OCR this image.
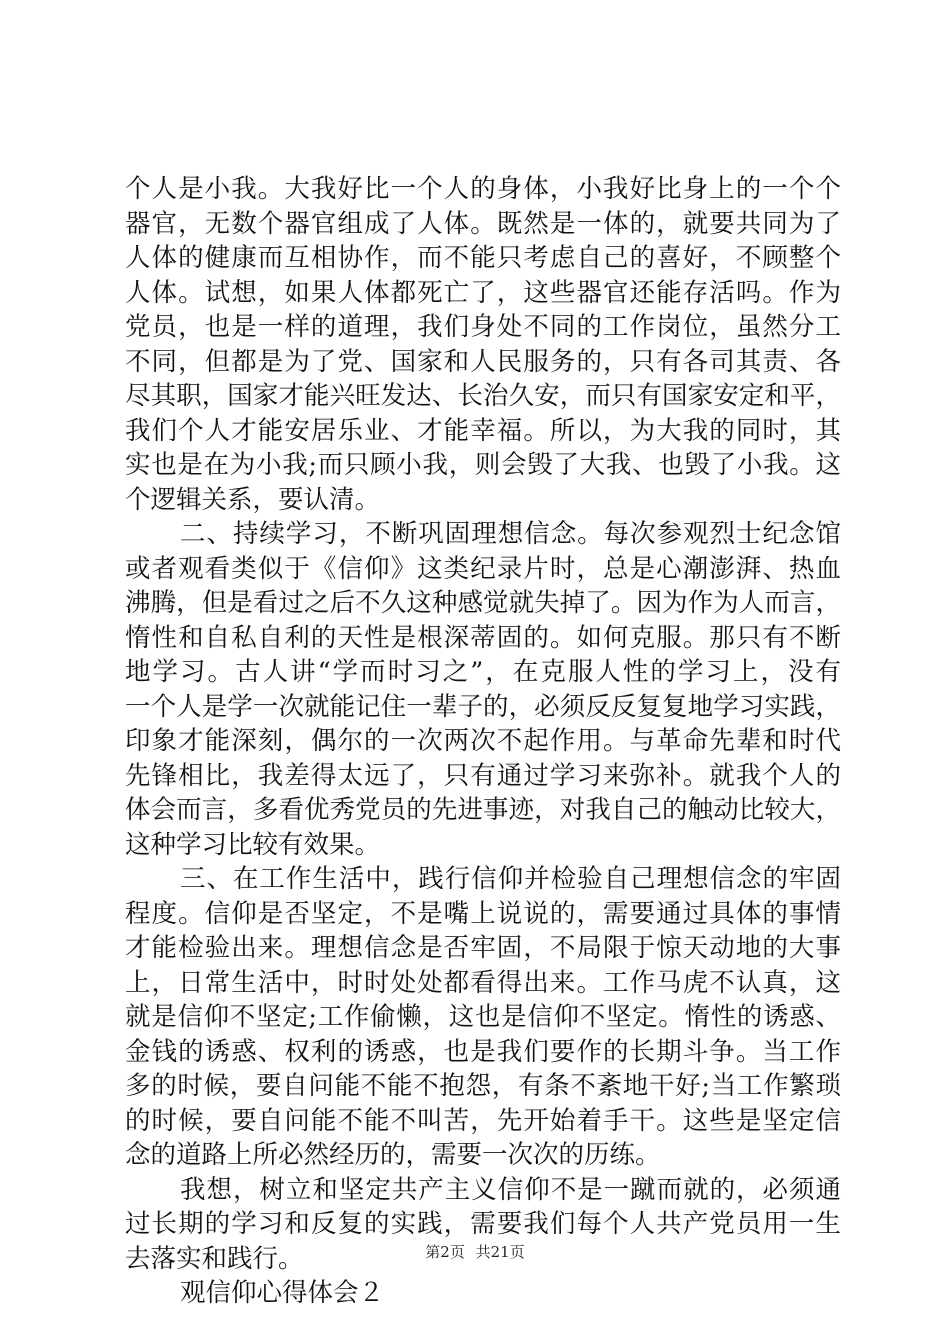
个人是小我。大我好比一个人的身体，小我好比身上的一个个
器官，无数个器官组成了人体。既然是一体的，就要共同为了
人体的健康而互相协作，而不能只考虑自己的喜好，不顾整个
人体。试想，如果人体都死亡了，这些器官还能存活吗。作为
党员，也是一样的道理，我们身处不同的工作岗位，虽然分工
不同，但都是为了党、国家和人民服务的，只有各司其责、各
尽其职，国家才能兴旺发达、长治久安，而只有国家安定和平，
我们个人才能安居乐业、才能幸福。所以，为大我的同时，其
实也是在为小我;而只顾小我，则会毁了大我、也毁了小我。这
个逻辑关系，要认清。
二、持续学习，不断巩固理想信念。每次参观烈士纪念馆
或者观看类似于《信仰》这类纪录片时，总是心潮澎湃、热血
沸腾，但是看过之后不久这种感觉就失掉了。因为作为人而言，
惰性和自私自利的天性是根深蒂固的。如何克服。那只有不断
地学习。古人讲“学而时习之”，在克服人性的学习上，没有
一个人是学一次就能记住一辈子的，必须反反复复地学习实践，
印象才能深刻，偶尔的一次两次不起作用。与革命先辈和时代
先锋相比，我差得太远了，只有通过学习来弥补。就我个人的
体会而言，多看优秀党员的先进事迹，对我自己的触动比较大，
这种学习比较有效果。
三、在工作生活中，践行信仰并检验自己理想信念的牢固
程度。信仰是否坚定，不是嘴上说说的，需要通过具体的事情
才能检验出来。理想信念是否牢固，不局限于惊天动地的大事
上，日常生活中，时时处处都看得出来。工作马虎不认真，这
就是信仰不坚定;工作偷懒，这也是信仰不坚定。惰性的诱惑、
金钱的诱惑、权利的诱惑，也是我们要作的长期斗争。当工作
多的时候，要自问能不能不抱怨，有条不紊地干好;当工作繁琐
的时候，要自问能不能不叫苦，先开始着手干。这些是坚定信
念的道路上所必然经历的，需要一次次的历练。
我想，树立和坚定共产主义信仰不是一蹴而就的，必须通
过长期的学习和反复的实践，需要我们每个人共产党员用一生
去落实和践行。
观信仰心得体会２
第2页 共21页
